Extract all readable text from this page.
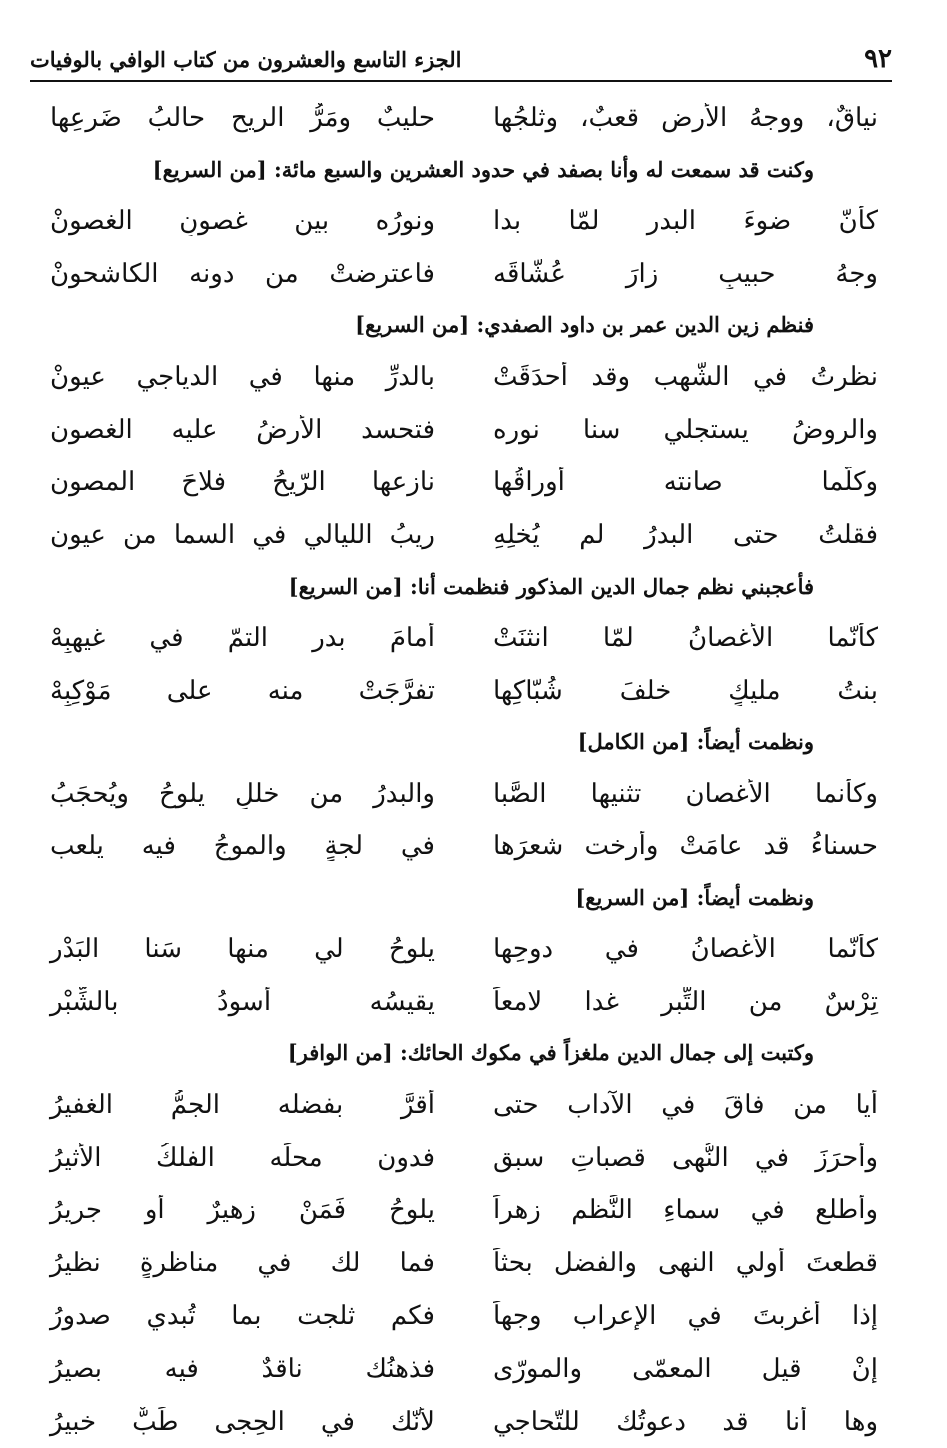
٩٢
الجزء التاسع والعشرون من كتاب الوافي بالوفيات
نياقٌ، ووجهُ الأرض قعبٌ، وثلجُها
حليبٌ ومَرُّ الريح حالبُ ضَرعِها
وكنت قد سمعت له وأنا بصفد في حدود العشرين والسبع مائة: [من السريع]
كأنّ ضوءَ البدرِ لمّا بدا
ونورُه بين غصونِ الغصونْ
وجهُ حبيبٍ زارَ عُشّاقَه
فاعترضتْ من دونه الكاشحونْ
فنظم زين الدين عمر بن داود الصفدي: [من السريع]
نظرتُ في الشُّهب وقد أحدَقَتْ
بالدرِّ منها في الدياجي عيونْ
والروضُ يستجلي سنا نوره
فتحسد الأرضُ عليه الغصون
وكلّما صانته أوراقُها
نازعها الرّيحُ فلاحَ المصون
فقلتُ حتى البدرُ لم يُخلِهِ
ريبُ الليالي في السما من عيون
فأعجبني نظم جمال الدين المذكور فنظمت أنا: [من السريع]
كأنّما الأغصانُ لمّا انثنَتْ
أمامَ بدرِ التمّ في غيهبِهْ
بنتُ مليكٍ خلفَ شُبّاكِها
تفرَّجَتْ منه على مَوْكِبِهْ
ونظمت أيضاً: [من الكامل]
وكأنما الأغصان تثنيها الصَّبا
والبدرُ من خللٍ يلوحُ ويُحجَبُ
حسناءُ قد عامَتْ وأرخت شعرَها
في لجةٍ والموجُ فيه يلعب
ونظمت أيضاً: [من السريع]
كأنّما الأغصانُ في دوحِها
يلوحُ لي منها سَنا البَدْرِ
تِرْسٌ من التِّبرِ غدا لامعاً
يقيسُه أسودُ بالشِّبْرِ
وكتبت إلى جمال الدين ملغزاً في مكوك الحائك: [من الوافر]
أيا من فاقَ في الآداب حتى
أقرَّ بفضله الجمُّ الغفيرُ
وأحرَزَ في النُّهى قصباتِ سبقٍ
فدون محلِّه الفلكُ الأثيرُ
وأطلع في سماءِ النَّظمِ زهراً
يلوحُ فَمَنْ زهيرٌ أو جريرُ
قطعتَ أولي النهى والفضل بحثاً
فما لك في مناظرةٍ نظيرُ
إذا أغربتَ في الإعراب وجهاً
فكم ثلجت بما تُبدي صدورُ
إنْ قيل المعمّى والمورّى
فذهنُك ناقدٌ فيه بصيرُ
وها أنا قد دعوتُك للتّحاجي
لأنّك في الحِجى طَبٌّ خبيرُ
